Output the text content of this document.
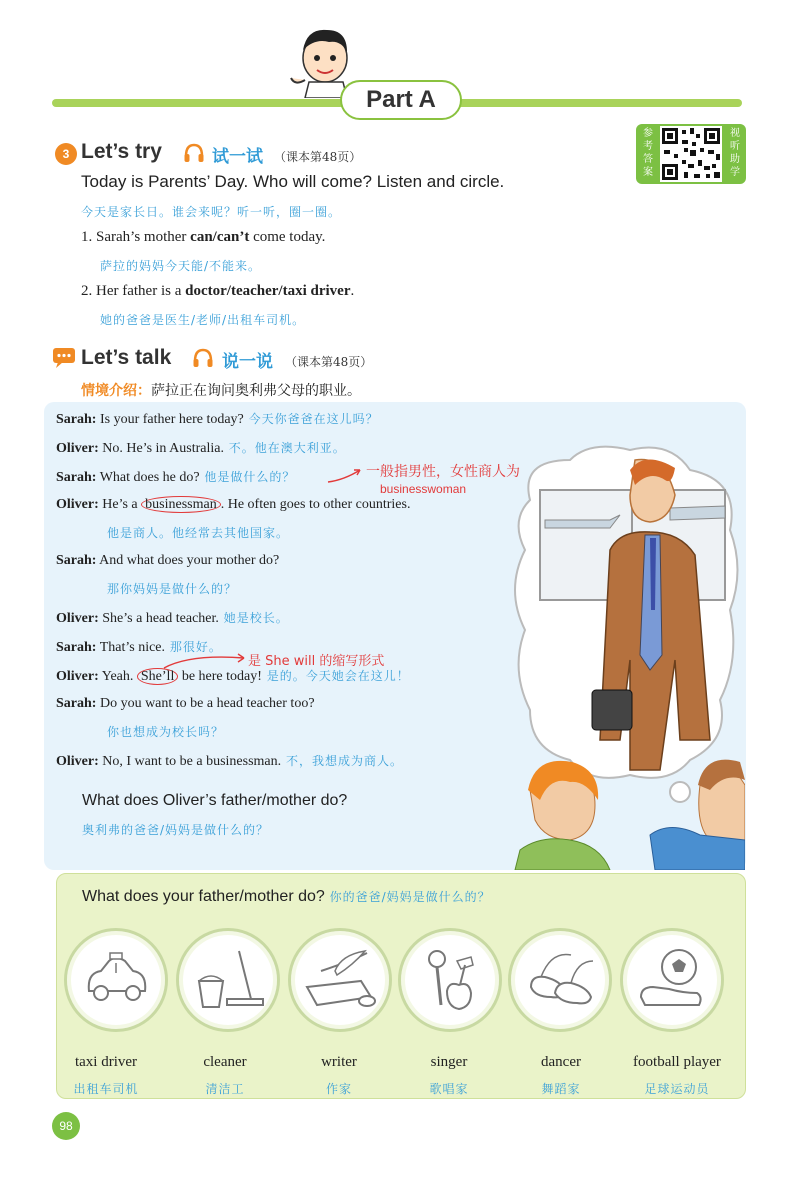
Part A
参考答案
视听助学
3 Let’s try	试一试 （课本第48页）
Today is Parents’ Day. Who will come? Listen and circle.
今天是家长日。谁会来呢？听一听，圈一圈。
1. Sarah’s mother can/can’t come today.
萨拉的妈妈今天能/不能来。
2. Her father is a doctor/teacher/taxi driver.
她的爸爸是医生/老师/出租车司机。
Let’s talk	说一说 （课本第48页）
情境介绍：萨拉正在询问奥利弗父母的职业。
Sarah: Is your father here today? 今天你爸爸在这儿吗？
Oliver: No. He’s in Australia. 不。他在澳大利亚。
Sarah: What does he do? 他是做什么的？	一般指男性，女性商人为
businesswoman
Oliver: He’s a businessman . He often goes to other countries.
他是商人。他经常去其他国家。
Sarah: And what does your mother do?
那你妈妈是做什么的？
Oliver: She’s a head teacher. 她是校长。
Sarah: That’s nice. 那很好。
是 She will 的缩写形式
Oliver: Yeah. She’ll be here today! 是的。今天她会在这儿！
Sarah: Do you want to be a head teacher too?
你也想成为校长吗？
Oliver: No, I want to be a businessman. 不，我想成为商人。
What does Oliver’s father/mother do?
奥利弗的爸爸/妈妈是做什么的？
What does your father/mother do? 你的爸爸/妈妈是做什么的？
taxi driver
出租车司机
cleaner
清洁工
writer
作家
singer
歌唱家
dancer
舞蹈家
football player
足球运动员
98
